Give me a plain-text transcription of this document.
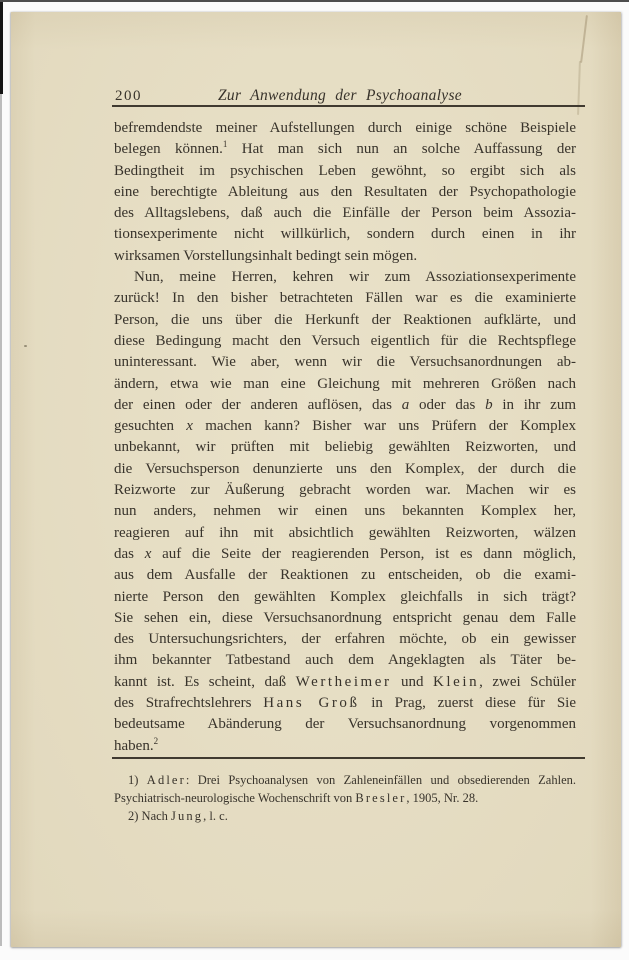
200	Zur Anwendung der Psychoanalyse
befremdendste meiner Aufstellungen durch einige schöne Beispiele
belegen können.$^1$ Hat man sich nun an solche Auffassung der
Bedingtheit im psychischen Leben gewöhnt, so ergibt sich als
eine berechtigte Ableitung aus den Resultaten der Psychopathologie
des Alltagslebens, daß auch die Einfälle der Person beim Assozia-
tionsexperimente nicht willkürlich, sondern durch einen in ihr
wirksamen Vorstellungsinhalt bedingt sein mögen.
Nun, meine Herren, kehren wir zum Assoziationsexperimente
zurück! In den bisher betrachteten Fällen war es die examinierte
Person, die uns über die Herkunft der Reaktionen aufklärte, und
diese Bedingung macht den Versuch eigentlich für die Rechtspflege
uninteressant. Wie aber, wenn wir die Versuchsanordnungen ab-
ändern, etwa wie man eine Gleichung mit mehreren Größen nach
der einen oder der anderen auflösen, das a oder das b in ihr zum
gesuchten x machen kann? Bisher war uns Prüfern der Komplex
unbekannt, wir prüften mit beliebig gewählten Reizworten, und
die Versuchsperson denunzierte uns den Komplex, der durch die
Reizworte zur Äußerung gebracht worden war. Machen wir es
nun anders, nehmen wir einen uns bekannten Komplex her,
reagieren auf ihn mit absichtlich gewählten Reizworten, wälzen
das x auf die Seite der reagierenden Person, ist es dann möglich,
aus dem Ausfalle der Reaktionen zu entscheiden, ob die exami-
nierte Person den gewählten Komplex gleichfalls in sich trägt?
Sie sehen ein, diese Versuchsanordnung entspricht genau dem Falle
des Untersuchungsrichters, der erfahren möchte, ob ein gewisser
ihm bekannter Tatbestand auch dem Angeklagten als Täter be-
kannt ist. Es scheint, daß Wertheimer und Klein, zwei Schüler
des Strafrechtslehrers Hans Groß in Prag, zuerst diese für Sie
bedeutsame Abänderung der Versuchsanordnung vorgenommen
haben.$^2$
1) Adler: Drei Psychoanalysen von Zahleneinfällen und obsedierenden Zahlen.
Psychiatrisch-neurologische Wochenschrift von Bresler, 1905, Nr. 28.
2) Nach Jung, l. c.
